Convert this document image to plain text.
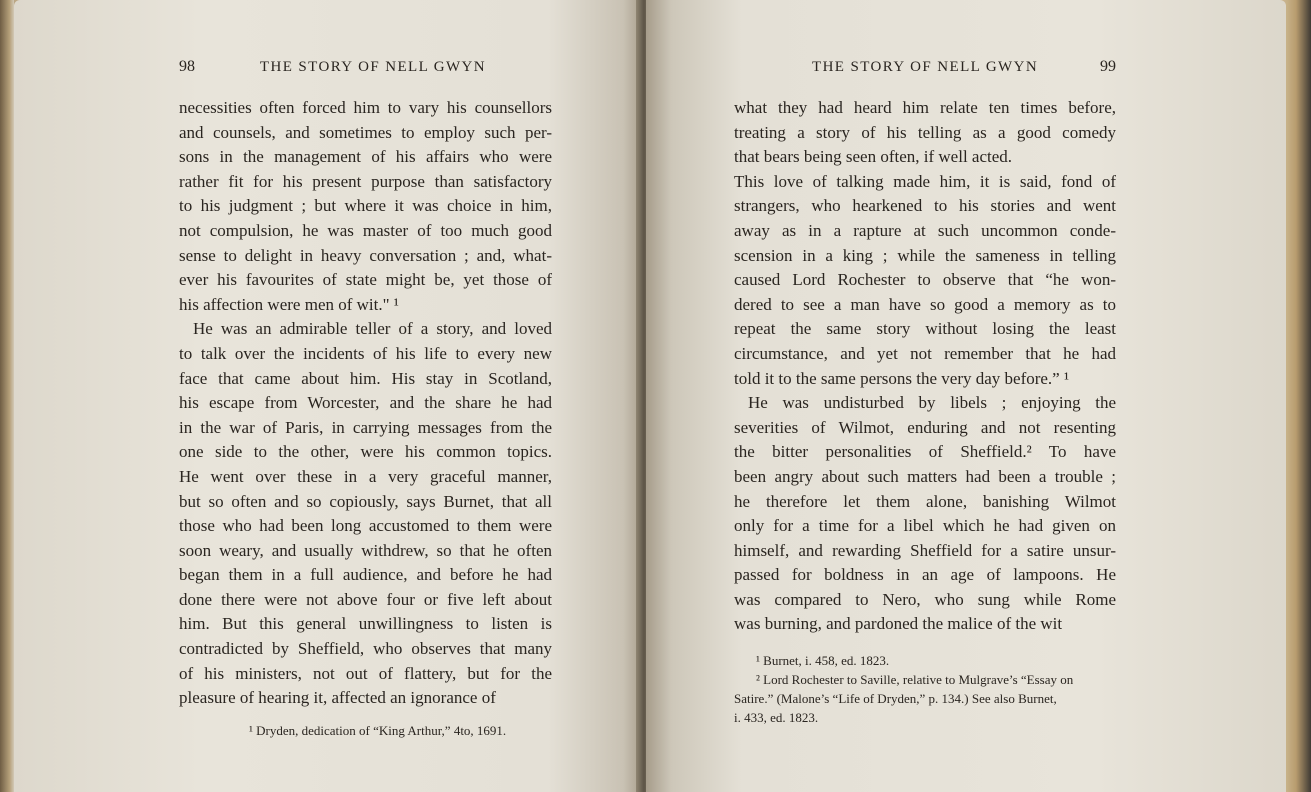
98	THE STORY OF NELL GWYN
necessities often forced him to vary his counsellors
and counsels, and sometimes to employ such per-
sons in the management of his affairs who were
rather fit for his present purpose than satisfactory
to his judgment ; but where it was choice in him,
not compulsion, he was master of too much good
sense to delight in heavy conversation ; and, what-
ever his favourites of state might be, yet those of
his affection were men of wit." ¹
He was an admirable teller of a story, and loved
to talk over the incidents of his life to every new
face that came about him. His stay in Scotland,
his escape from Worcester, and the share he had
in the war of Paris, in carrying messages from the
one side to the other, were his common topics.
He went over these in a very graceful manner,
but so often and so copiously, says Burnet, that all
those who had been long accustomed to them were
soon weary, and usually withdrew, so that he often
began them in a full audience, and before he had
done there were not above four or five left about
him. But this general unwillingness to listen is
contradicted by Sheffield, who observes that many
of his ministers, not out of flattery, but for the
pleasure of hearing it, affected an ignorance of
¹ Dryden, dedication of “King Arthur,” 4to, 1691.
THE STORY OF NELL GWYN	99
what they had heard him relate ten times before,
treating a story of his telling as a good comedy
that bears being seen often, if well acted.
This love of talking made him, it is said, fond of
strangers, who hearkened to his stories and went
away as in a rapture at such uncommon conde-
scension in a king ; while the sameness in telling
caused Lord Rochester to observe that “he won-
dered to see a man have so good a memory as to
repeat the same story without losing the least
circumstance, and yet not remember that he had
told it to the same persons the very day before.” ¹
He was undisturbed by libels ; enjoying the
severities of Wilmot, enduring and not resenting
the bitter personalities of Sheffield.² To have
been angry about such matters had been a trouble ;
he therefore let them alone, banishing Wilmot
only for a time for a libel which he had given on
himself, and rewarding Sheffield for a satire unsur-
passed for boldness in an age of lampoons. He
was compared to Nero, who sung while Rome
was burning, and pardoned the malice of the wit
¹ Burnet, i. 458, ed. 1823.
² Lord Rochester to Saville, relative to Mulgrave’s “Essay on
Satire.” (Malone’s “Life of Dryden,” p. 134.) See also Burnet,
i. 433, ed. 1823.
